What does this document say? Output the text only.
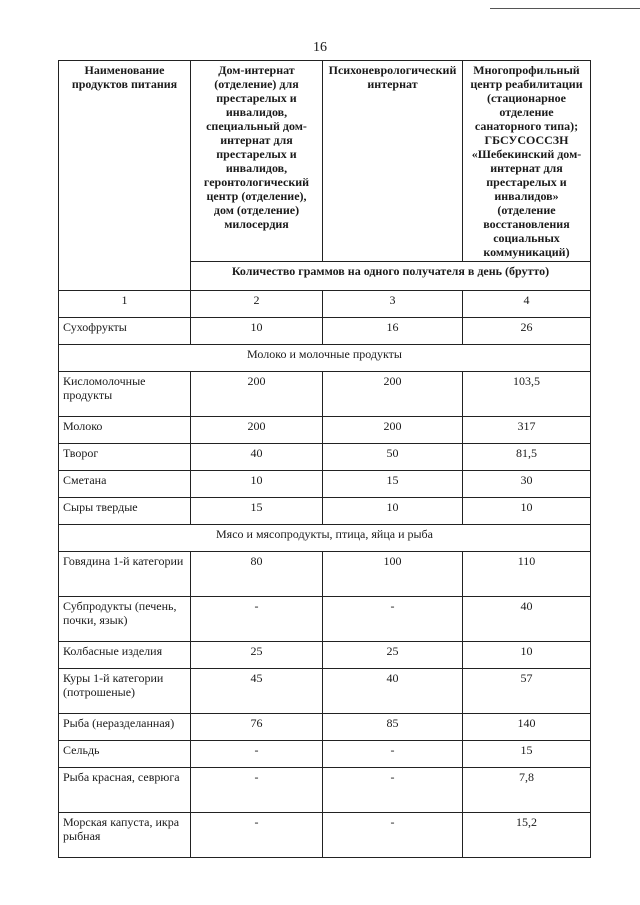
16
Наименование продуктов питания	Дом-интернат (отделение) для престарелых и инвалидов, специальный дом-интернат для престарелых и инвалидов, геронтологический центр (отделение), дом (отделение) милосердия	Психоневрологический интернат	Многопрофильный центр реабилитации (стационарное отделение санаторного типа); ГБСУСОССЗН «Шебекинский дом-интернат для престарелых и инвалидов» (отделение восстановления социальных коммуникаций)
	Количество граммов на одного получателя в день (брутто)		
1	2	3	4
Сухофрукты	10	16	26
Молоко и молочные продукты			
Кисломолочные продукты	200	200	103,5
Молоко	200	200	317
Творог	40	50	81,5
Сметана	10	15	30
Сыры твердые	15	10	10
Мясо и мясопродукты, птица, яйца и рыба			
Говядина 1-й категории	80	100	110
Субпродукты (печень, почки, язык)	-	-	40
Колбасные изделия	25	25	10
Куры 1-й категории (потрошеные)	45	40	57
Рыба (неразделанная)	76	85	140
Сельдь	-	-	15
Рыба красная, севрюга	-	-	7,8
Морская капуста, икра рыбная	-	-	15,2
